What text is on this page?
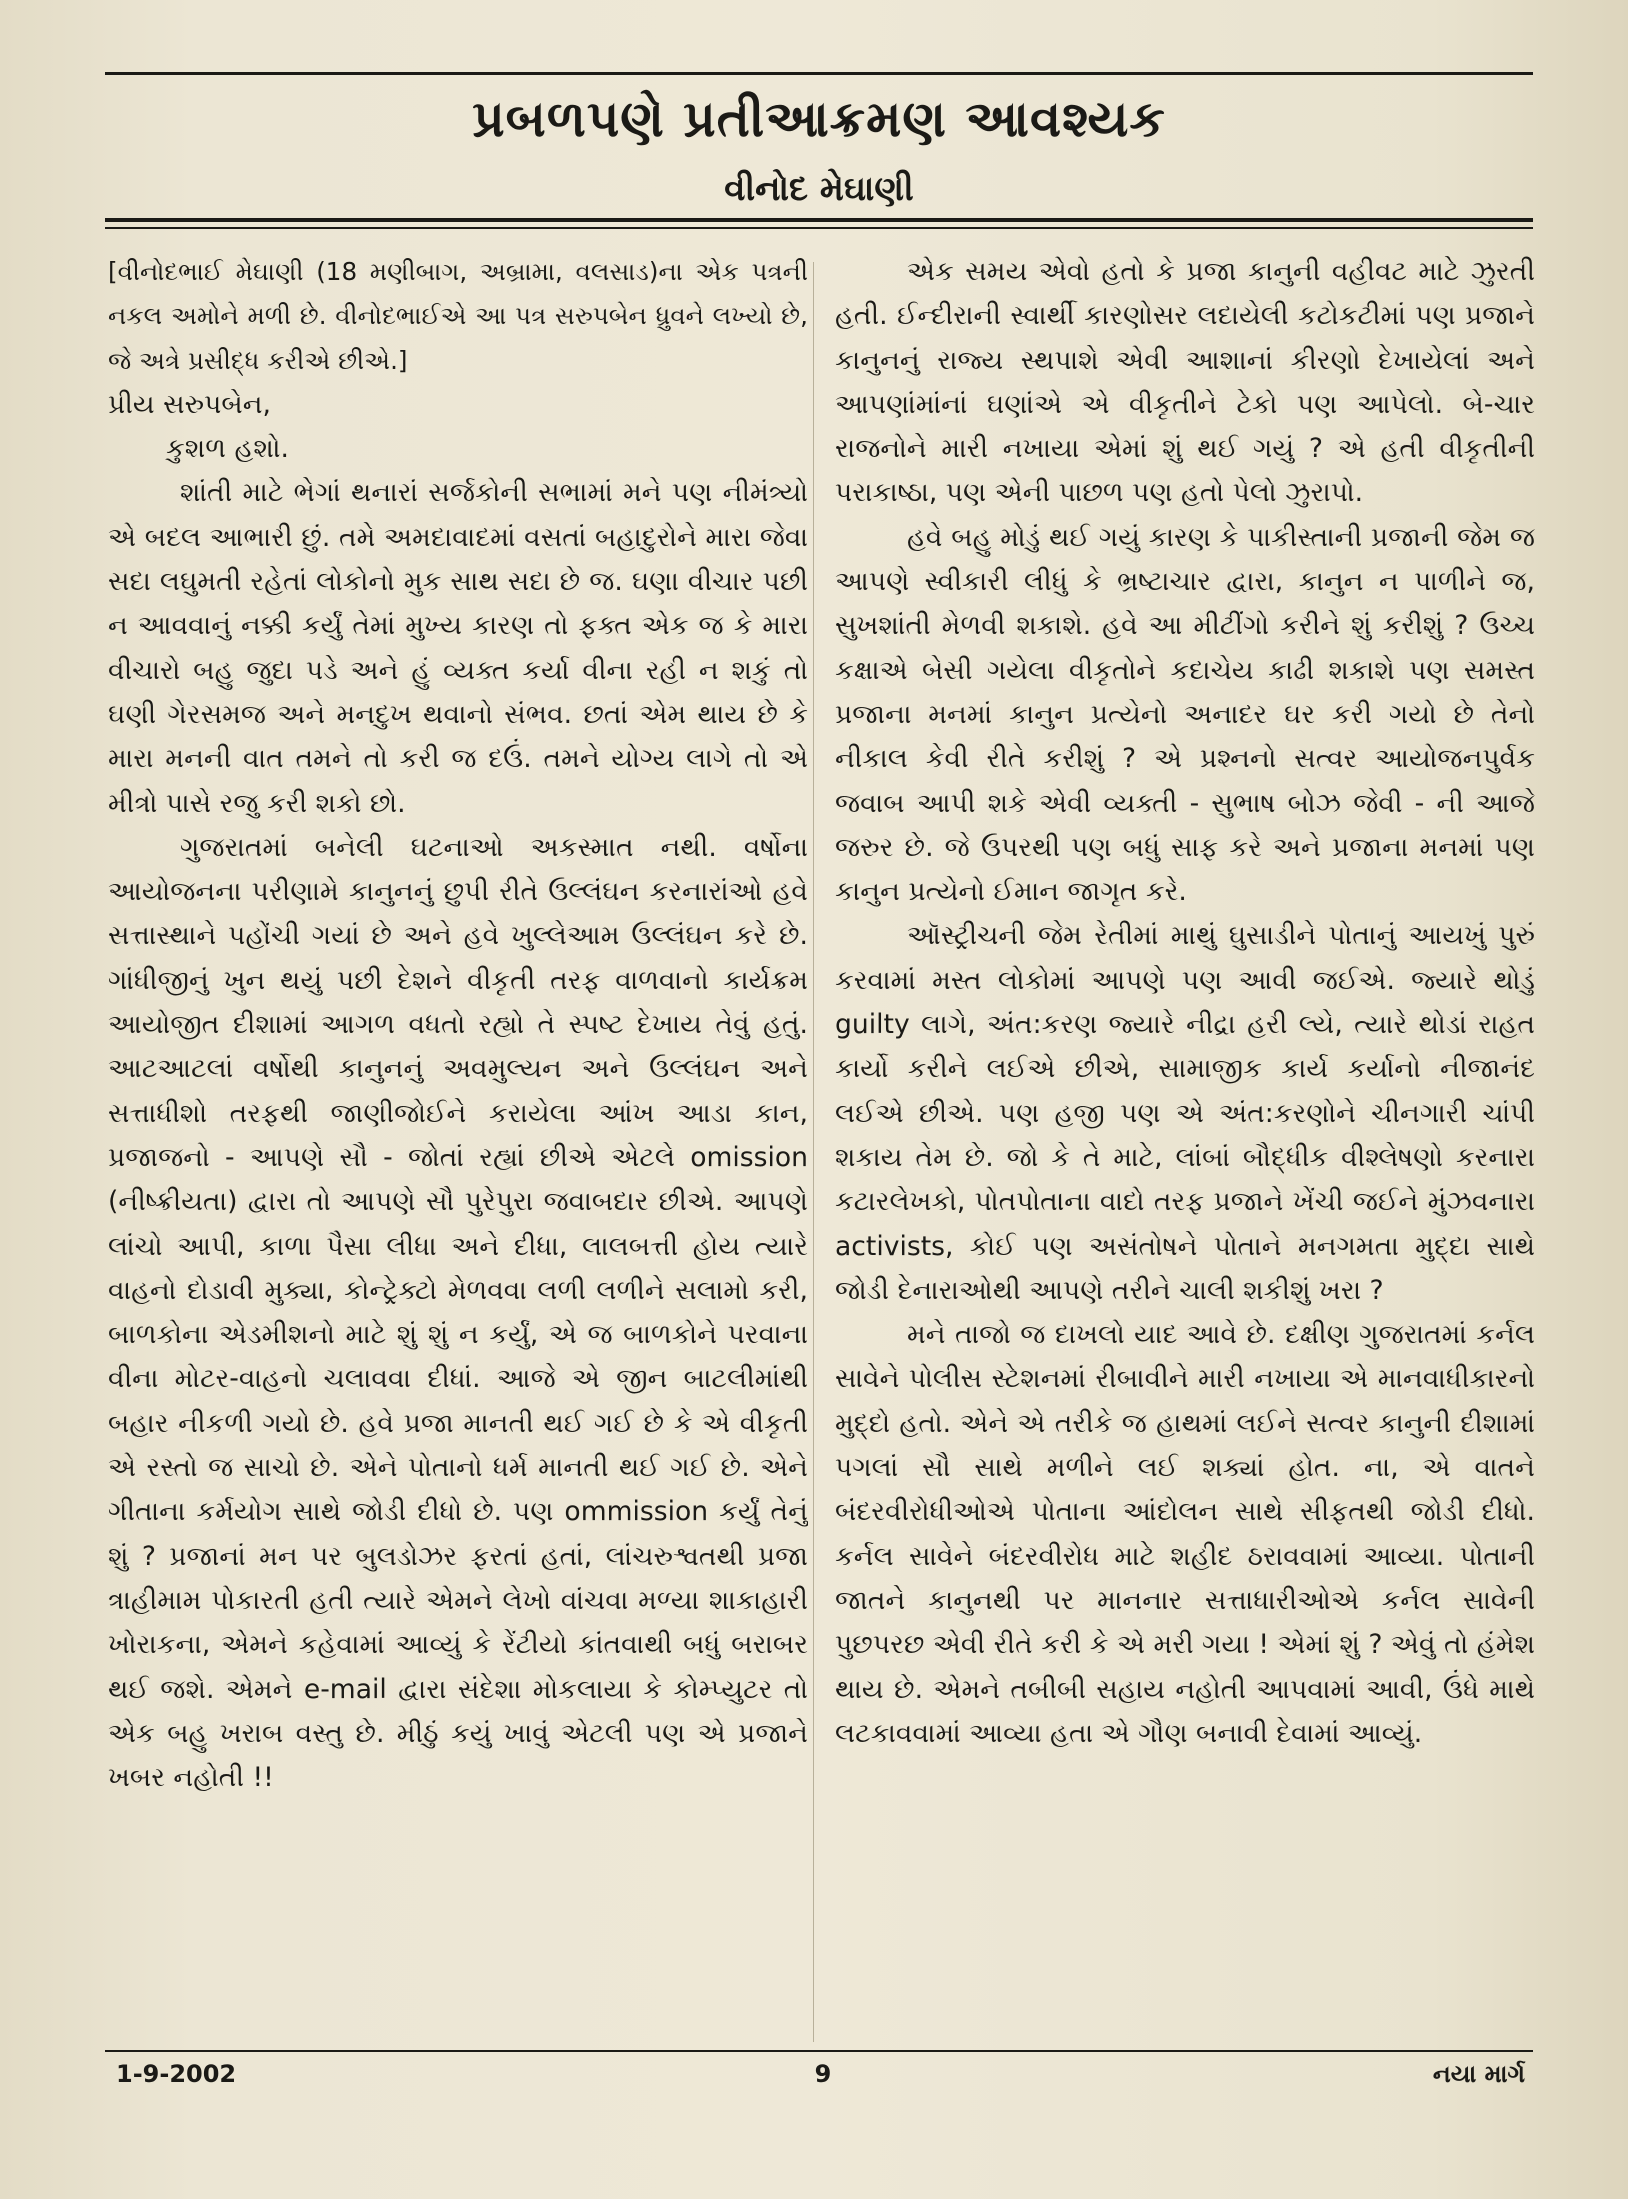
પ્રબળપણે પ્રતીઆક્રમણ આવશ્યક
વીનોદ મેઘાણી

[વીનોદભાઈ મેઘાણી (18 મણીબાગ, અબ્રામા, વલસાડ)ના એક પત્રની નકલ અમોને મળી છે. વીનોદભાઈએ આ પત્ર સરુપબેન ધ્રુવને લખ્યો છે, જે અત્રે પ્રસીદ્ધ કરીએ છીએ.]

પ્રીય સરુપબેન,

કુશળ હશો.

શાંતી માટે ભેગાં થનારાં સર્જકોની સભામાં મને પણ નીમંત્ર્યો એ બદલ આભારી છું. તમે અમદાવાદમાં વસતાં બહાદુરોને મારા જેવા સદા લઘુમતી રહેતાં લોકોનો મુક સાથ સદા છે જ. ઘણા વીચાર પછી ન આવવાનું નક્કી કર્યું તેમાં મુખ્ય કારણ તો ફક્ત એક જ કે મારા વીચારો બહુ જુદા પડે અને હું વ્યક્ત કર્યા વીના રહી ન શકું તો ઘણી ગેરસમજ અને મનદુખ થવાનો સંભવ. છતાં એમ થાય છે કે મારા મનની વાત તમને તો કરી જ દઉં. તમને યોગ્ય લાગે તો એ મીત્રો પાસે રજુ કરી શકો છો.

ગુજરાતમાં બનેલી ઘટનાઓ અકસ્માત નથી. વર્ષોના આયોજનના પરીણામે કાનુનનું છુપી રીતે ઉલ્લંઘન કરનારાંઓ હવે સત્તાસ્થાને પહોંચી ગયાં છે અને હવે ખુલ્લેઆમ ઉલ્લંઘન કરે છે. ગાંધીજીનું ખુન થયું પછી દેશને વીકૃતી તરફ વાળવાનો કાર્યક્રમ આયોજીત દીશામાં આગળ વધતો રહ્યો તે સ્પષ્ટ દેખાય તેવું હતું. આટઆટલાં વર્ષોથી કાનુનનું અવમુલ્યન અને ઉલ્લંઘન અને સત્તાધીશો તરફથી જાણીજોઈને કરાયેલા આંખ આડા કાન, પ્રજાજનો - આપણે સૌ - જોતાં રહ્યાં છીએ એટલે omission (નીષ્ક્રીયતા) દ્વારા તો આપણે સૌ પુરેપુરા જવાબદાર છીએ. આપણે લાંચો આપી, કાળા પૈસા લીધા અને દીધા, લાલબત્તી હોય ત્યારે વાહનો દોડાવી મુક્યા, કોન્ટ્રેક્ટો મેળવવા લળી લળીને સલામો કરી, બાળકોના એડમીશનો માટે શું શું ન કર્યું, એ જ બાળકોને પરવાના વીના મોટર-વાહનો ચલાવવા દીધાં. આજે એ જીન બાટલીમાંથી બહાર નીકળી ગયો છે. હવે પ્રજા માનતી થઈ ગઈ છે કે એ વીકૃતી એ રસ્તો જ સાચો છે. એને પોતાનો ધર્મ માનતી થઈ ગઈ છે. એને ગીતાના કર્મયોગ સાથે જોડી દીધો છે. પણ ommission કર્યું તેનું શું ? પ્રજાનાં મન પર બુલડોઝર ફરતાં હતાં, લાંચરુશ્વતથી પ્રજા ત્રાહીમામ પોકારતી હતી ત્યારે એમને લેખો વાંચવા મળ્યા શાકાહારી ખોરાકના, એમને કહેવામાં આવ્યું કે રેંટીયો કાંતવાથી બધું બરાબર થઈ જશે. એમને e-mail દ્વારા સંદેશા મોકલાયા કે કોમ્પ્યુટર તો એક બહુ ખરાબ વસ્તુ છે. મીઠું કયું ખાવું એટલી પણ એ પ્રજાને ખબર નહોતી !!

એક સમય એવો હતો કે પ્રજા કાનુની વહીવટ માટે ઝુરતી હતી. ઈન્દીરાની સ્વાર્થી કારણોસર લદાયેલી કટોકટીમાં પણ પ્રજાને કાનુનનું રાજ્ય સ્થપાશે એવી આશાનાં કીરણો દેખાયેલાં અને આપણાંમાંનાં ઘણાંએ એ વીકૃતીને ટેકો પણ આપેલો. બે-ચાર રાજનોને મારી નખાયા એમાં શું થઈ ગયું ? એ હતી વીકૃતીની પરાકાષ્ઠા, પણ એની પાછળ પણ હતો પેલો ઝુરાપો.

હવે બહુ મોડું થઈ ગયું કારણ કે પાકીસ્તાની પ્રજાની જેમ જ આપણે સ્વીકારી લીધું કે ભ્રષ્ટાચાર દ્વારા, કાનુન ન પાળીને જ, સુખશાંતી મેળવી શકાશે. હવે આ મીટીંગો કરીને શું કરીશું ? ઉચ્ચ કક્ષાએ બેસી ગયેલા વીકૃતોને કદાચેય કાઢી શકાશે પણ સમસ્ત પ્રજાના મનમાં કાનુન પ્રત્યેનો અનાદર ઘર કરી ગયો છે તેનો નીકાલ કેવી રીતે કરીશું ? એ પ્રશ્નનો સત્વર આયોજનપુર્વક જવાબ આપી શકે એવી વ્યક્તી - સુભાષ બોઝ જેવી - ની આજે જરુર છે. જે ઉપરથી પણ બધું સાફ કરે અને પ્રજાના મનમાં પણ કાનુન પ્રત્યેનો ઈમાન જાગૃત કરે.

ઑસ્ટ્રીચની જેમ રેતીમાં માથું ઘુસાડીને પોતાનું આયખું પુરું કરવામાં મસ્ત લોકોમાં આપણે પણ આવી જઈએ. જ્યારે થોડું guilty લાગે, અંત:કરણ જ્યારે નીદ્રા હરી લ્યે, ત્યારે થોડાં રાહત કાર્યો કરીને લઈએ છીએ, સામાજીક કાર્ય કર્યાનો નીજાનંદ લઈએ છીએ. પણ હજી પણ એ અંત:કરણોને ચીનગારી ચાંપી શકાય તેમ છે. જો કે તે માટે, લાંબાં બૌદ્ધીક વીશ્લેષણો કરનારા કટારલેખકો, પોતપોતાના વાદો તરફ પ્રજાને ખેંચી જઈને મુંઝવનારા activists, કોઈ પણ અસંતોષને પોતાને મનગમતા મુદ્દા સાથે જોડી દેનારાઓથી આપણે તરીને ચાલી શકીશું ખરા ?

મને તાજો જ દાખલો યાદ આવે છે. દક્ષીણ ગુજરાતમાં કર્નલ સાવેને પોલીસ સ્ટેશનમાં રીબાવીને મારી નખાયા એ માનવાધીકારનો મુદ્દો હતો. એને એ તરીકે જ હાથમાં લઈને સત્વર કાનુની દીશામાં પગલાં સૌ સાથે મળીને લઈ શક્યાં હોત. ના, એ વાતને બંદરવીરોધીઓએ પોતાના આંદોલન સાથે સીફતથી જોડી દીધો. કર્નલ સાવેને બંદરવીરોધ માટે શહીદ ઠરાવવામાં આવ્યા. પોતાની જાતને કાનુનથી પર માનનાર સત્તાધારીઓએ કર્નલ સાવેની પુછપરછ એવી રીતે કરી કે એ મરી ગયા ! એમાં શું ? એવું તો હંમેશ થાય છે. એમને તબીબી સહાય નહોતી આપવામાં આવી, ઉંધે માથે લટકાવવામાં આવ્યા હતા એ ગૌણ બનાવી દેવામાં આવ્યું.

1-9-2002	9	નયા માર્ગ
